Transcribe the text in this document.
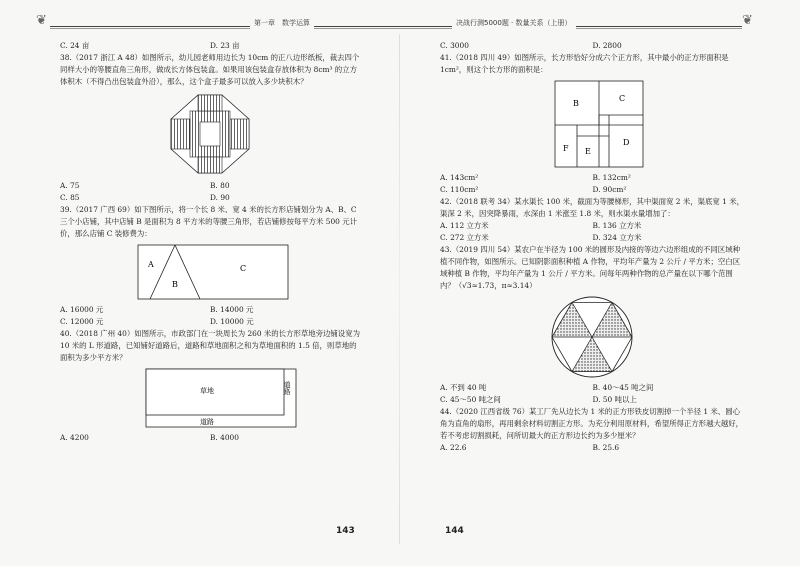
❦	❦
第一章　数学运算	决战行测5000题 · 数量关系（上册）
C. 24 亩	D. 23 亩

38.（2017 浙江 A 48）如图所示，幼儿园老师用边长为 10cm 的正八边形纸板，裁去四个同样大小的等腰直角三角形，做成长方体包装盒。如果用该包装盒存放体积为 8cm³ 的立方体积木（不得凸出包装盒外沿），那么，这个盒子最多可以放入多少块积木？

A. 75	B. 80
C. 85	D. 90

39.（2017 广西 69）如下图所示，将一个长 8 米、宽 4 米的长方形店铺划分为 A、B、C 三个小店铺，其中店铺 B 是面积为 8 平方米的等腰三角形，若店铺修按每平方米 500 元计价，那么店铺 C 装修费为：

A
B
C
A. 16000 元	B. 14000 元
C. 12000 元	D. 10000 元

40.（2018 广州 40）如图所示，市政部门在一块周长为 260 米的长方形草地旁边铺设宽为 10 米的 L 形道路，已知铺好道路后，道路和草地面积之和为草地面积的 1.5 倍，则草地的面积为多少平方米？

草地
道路
道路
A. 4200	B. 4000
143
C. 3000	D. 2800

41.（2018 四川 49）如图所示，长方形恰好分成六个正方形，其中最小的正方形面积是 1cm²，则这个长方形的面积是：

B
C
F E
D
A. 143cm²	B. 132cm²
C. 110cm²	D. 90cm²

42.（2018 联考 34）某水渠长 100 米，截面为等腰梯形，其中渠面宽 2 米，渠底宽 1 米，渠深 2 米，因突降暴雨，水深由 1 米涨至 1.8 米，则水渠水量增加了：

A. 112 立方米	B. 136 立方米
C. 272 立方米	D. 324 立方米

43.（2019 四川 54）某农户在半径为 100 米的圆形及内接的等边六边形组成的不同区域种植不同作物，如图所示。已知阴影面积种植 A 作物，平均年产量为 2 公斤 / 平方米；空白区域种植 B 作物，平均年产量为 1 公斤 / 平方米。问每年两种作物的总产量在以下哪个范围内？（√3≈1.73，π≈3.14）

A. 不到 40 吨	B. 40～45 吨之间
C. 45～50 吨之间	D. 50 吨以上

44.（2020 江西省级 76）某工厂先从边长为 1 米的正方形铁皮切割掉一个半径 1 米、圆心角为直角的扇形，再用剩余材料切割正方形。为充分利用原材料，希望所得正方形越大越好，若不考虑切割损耗，问所切最大的正方形边长约为多少厘米？

A. 22.6	B. 25.6
144
